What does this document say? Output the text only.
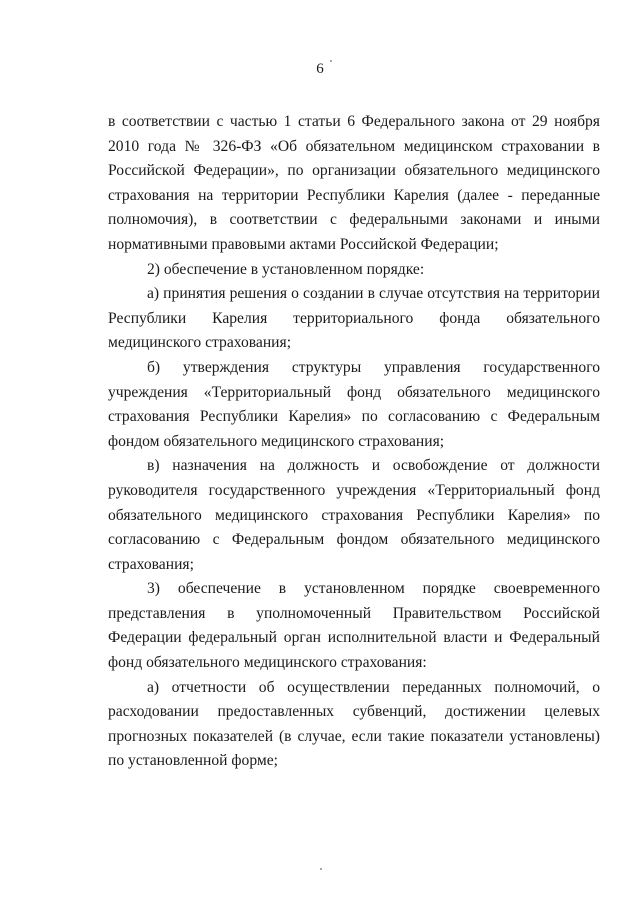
6

в соответствии с частью 1 статьи 6 Федерального закона от 29 ноября 2010 года № 326-ФЗ «Об обязательном медицинском страховании в Российской Федерации», по организации обязательного медицинского страхования на территории Республики Карелия (далее - переданные полномочия), в соответствии с федеральными законами и иными нормативными правовыми актами Российской Федерации;

2) обеспечение в установленном порядке:

а) принятия решения о создании в случае отсутствия на территории Республики Карелия территориального фонда обязательного медицинского страхования;

б) утверждения структуры управления государственного учреждения «Территориальный фонд обязательного медицинского страхования Республики Карелия» по согласованию с Федеральным фондом обязательного медицинского страхования;

в) назначения на должность и освобождение от должности руководителя государственного учреждения «Территориальный фонд обязательного медицинского страхования Республики Карелия» по согласованию с Федеральным фондом обязательного медицинского страхования;

3) обеспечение в установленном порядке своевременного представления в уполномоченный Правительством Российской Федерации федеральный орган исполнительной власти и Федеральный фонд обязательного медицинского страхования:

а) отчетности об осуществлении переданных полномочий, о расходовании предоставленных субвенций, достижении целевых прогнозных показателей (в случае, если такие показатели установлены) по установленной форме;
